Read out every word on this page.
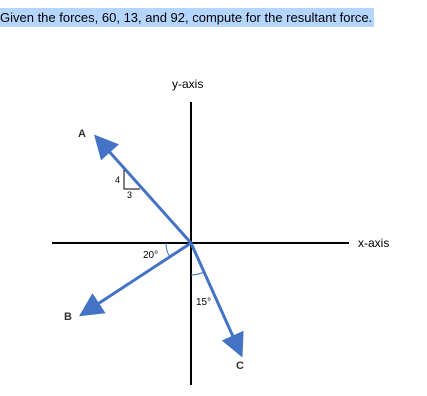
Given the forces, 60, 13, and 92, compute for the resultant force.
y-axis
x-axis
A
4
3
B
20°
C
15°
